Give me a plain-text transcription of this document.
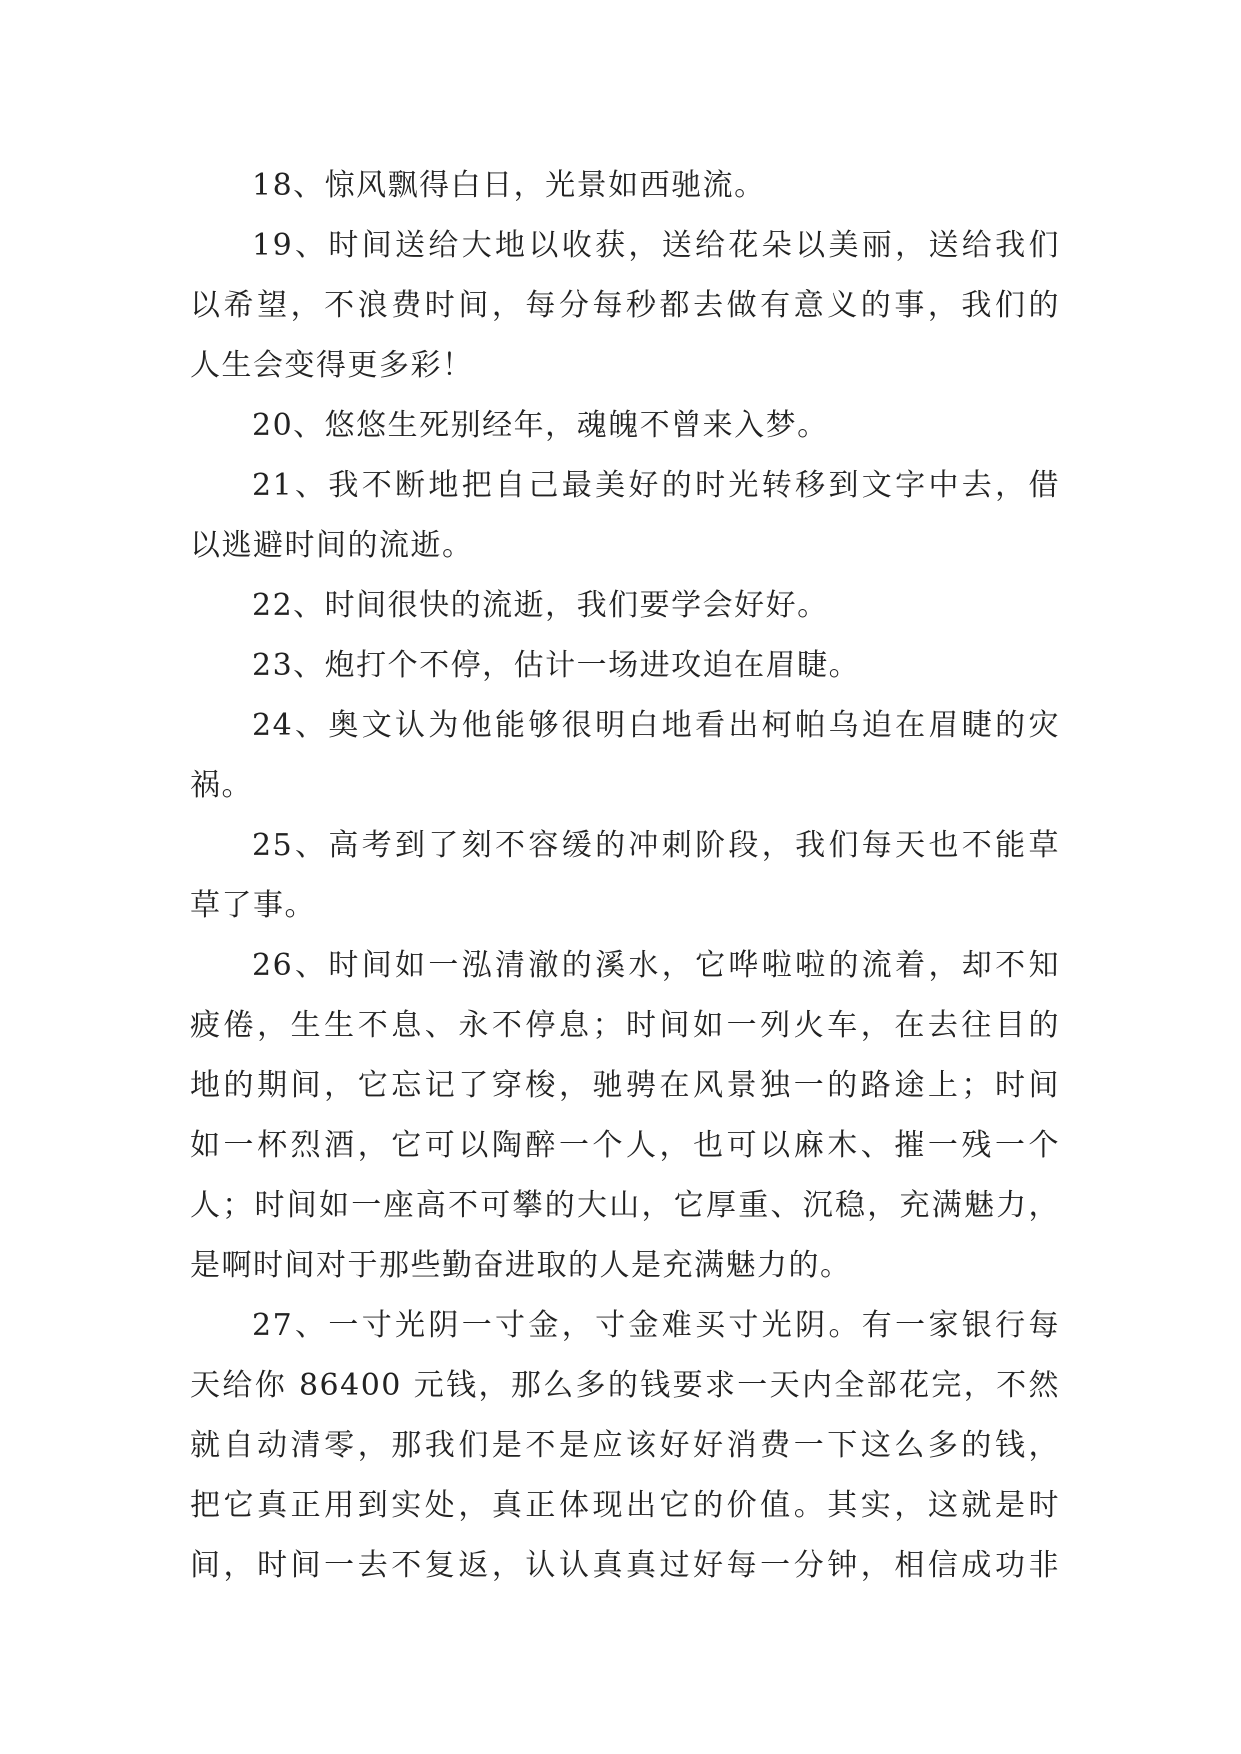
18、惊风飘得白日，光景如西驰流。
19、时间送给大地以收获，送给花朵以美丽，送给我们
以希望，不浪费时间，每分每秒都去做有意义的事，我们的
人生会变得更多彩！
20、悠悠生死别经年，魂魄不曾来入梦。
21、我不断地把自己最美好的时光转移到文字中去，借
以逃避时间的流逝。
22、时间很快的流逝，我们要学会好好。
23、炮打个不停，估计一场进攻迫在眉睫。
24、奥文认为他能够很明白地看出柯帕乌迫在眉睫的灾
祸。
25、高考到了刻不容缓的冲刺阶段，我们每天也不能草
草了事。
26、时间如一泓清澈的溪水，它哗啦啦的流着，却不知
疲倦，生生不息、永不停息；时间如一列火车，在去往目的
地的期间，它忘记了穿梭，驰骋在风景独一的路途上；时间
如一杯烈酒，它可以陶醉一个人，也可以麻木、摧一残一个
人；时间如一座高不可攀的大山，它厚重、沉稳，充满魅力，
是啊时间对于那些勤奋进取的人是充满魅力的。
27、一寸光阴一寸金，寸金难买寸光阴。有一家银行每
天给你 86400 元钱，那么多的钱要求一天内全部花完，不然
就自动清零，那我们是不是应该好好消费一下这么多的钱，
把它真正用到实处，真正体现出它的价值。其实，这就是时
间，时间一去不复返，认认真真过好每一分钟，相信成功非
